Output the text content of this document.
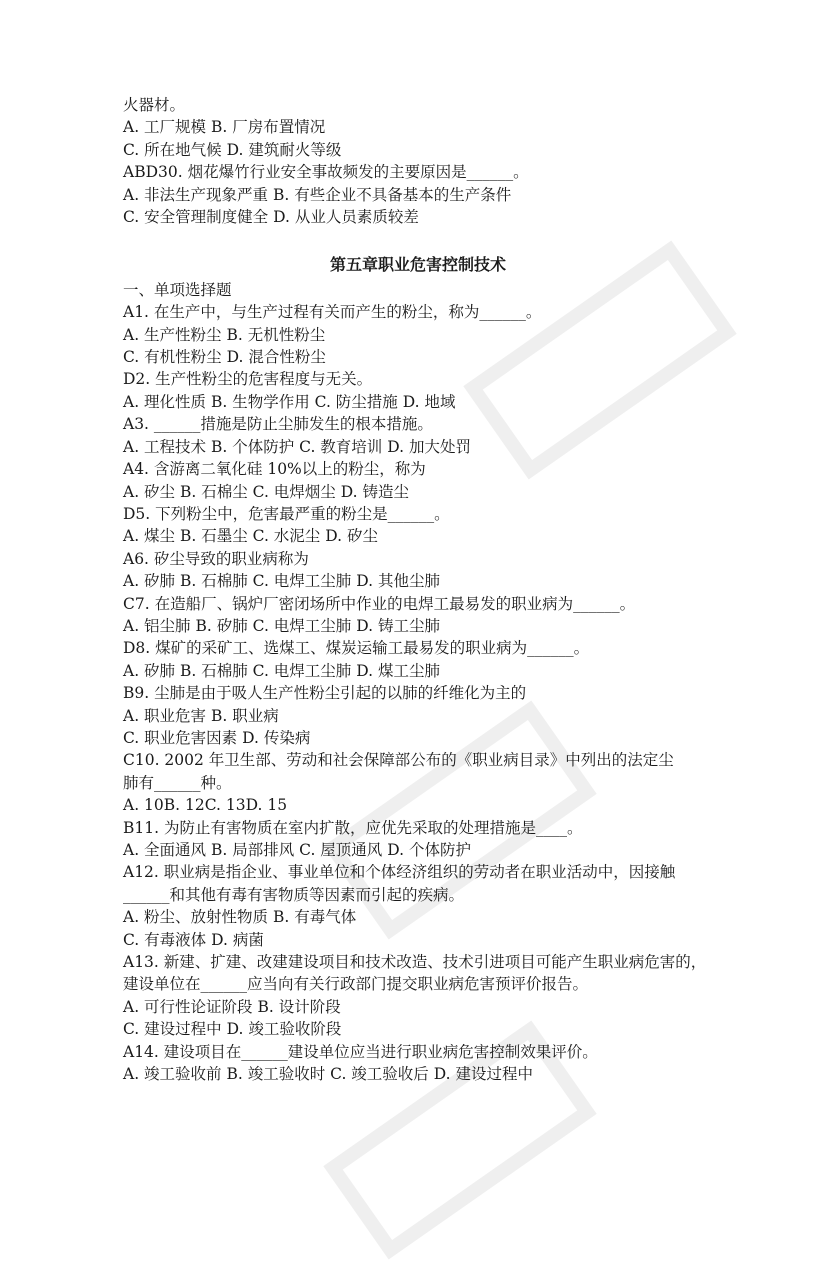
火器材。

A. 工厂规模 B. 厂房布置情况

C. 所在地气候 D. 建筑耐火等级

ABD30. 烟花爆竹行业安全事故频发的主要原因是______。

A. 非法生产现象严重 B. 有些企业不具备基本的生产条件

C. 安全管理制度健全 D. 从业人员素质较差

第五章职业危害控制技术

一、单项选择题

A1. 在生产中，与生产过程有关而产生的粉尘，称为______。

A. 生产性粉尘 B. 无机性粉尘

C. 有机性粉尘 D. 混合性粉尘

D2. 生产性粉尘的危害程度与无关。

A. 理化性质 B. 生物学作用 C. 防尘措施 D. 地域

A3. ______措施是防止尘肺发生的根本措施。

A. 工程技术 B. 个体防护 C. 教育培训 D. 加大处罚

A4. 含游离二氧化硅 10%以上的粉尘，称为

A. 矽尘 B. 石棉尘 C. 电焊烟尘 D. 铸造尘

D5. 下列粉尘中，危害最严重的粉尘是______。

A. 煤尘 B. 石墨尘 C. 水泥尘 D. 矽尘

A6. 矽尘导致的职业病称为

A. 矽肺 B. 石棉肺 C. 电焊工尘肺 D. 其他尘肺

C7. 在造船厂、锅炉厂密闭场所中作业的电焊工最易发的职业病为______。

A. 铝尘肺 B. 矽肺 C. 电焊工尘肺 D. 铸工尘肺

D8. 煤矿的采矿工、选煤工、煤炭运输工最易发的职业病为______。

A. 矽肺 B. 石棉肺 C. 电焊工尘肺 D. 煤工尘肺

B9. 尘肺是由于吸人生产性粉尘引起的以肺的纤维化为主的

A. 职业危害 B. 职业病

C. 职业危害因素 D. 传染病

C10. 2002 年卫生部、劳动和社会保障部公布的《职业病目录》中列出的法定尘

肺有______种。

A. 10B. 12C. 13D. 15

B11. 为防止有害物质在室内扩散，应优先采取的处理措施是____。

A. 全面通风 B. 局部排风 C. 屋顶通风 D. 个体防护

A12. 职业病是指企业、事业单位和个体经济组织的劳动者在职业活动中，因接触

______和其他有毒有害物质等因素而引起的疾病。

A. 粉尘、放射性物质 B. 有毒气体

C. 有毒液体 D. 病菌

A13. 新建、扩建、改建建设项目和技术改造、技术引进项目可能产生职业病危害的，

建设单位在______应当向有关行政部门提交职业病危害预评价报告。

A. 可行性论证阶段 B. 设计阶段

C. 建设过程中 D. 竣工验收阶段

A14. 建设项目在______建设单位应当进行职业病危害控制效果评价。

A. 竣工验收前 B. 竣工验收时 C. 竣工验收后 D. 建设过程中
